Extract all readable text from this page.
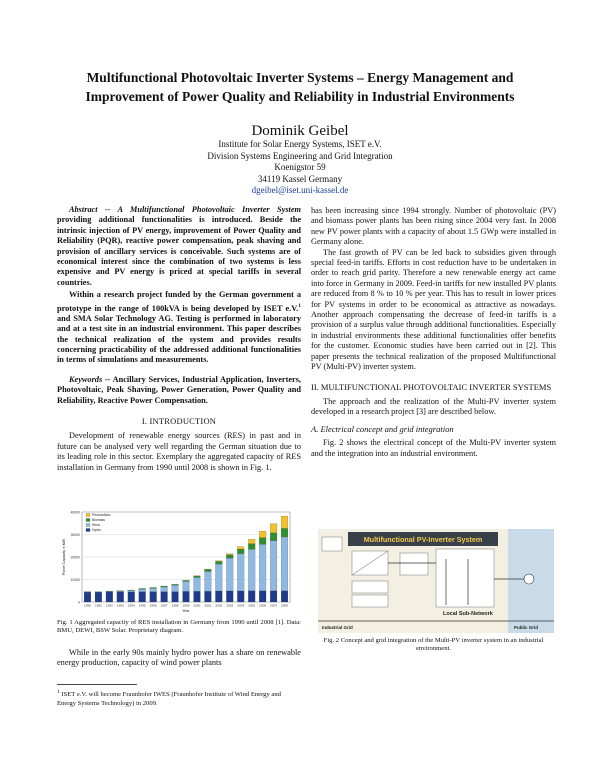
Multifunctional Photovoltaic Inverter Systems – Energy Management and
Improvement of Power Quality and Reliability in Industrial Environments
Dominik Geibel
Institute for Solar Energy Systems, ISET e.V.
Division Systems Engineering and Grid Integration
Koenigstor 59
34119 Kassel Germany
dgeibel@iset.uni-kassel.de

Abstract -- A Multifunctional Photovoltaic Inverter System providing additional functionalities is introduced. Beside the intrinsic injection of PV energy, improvement of Power Quality and Reliability (PQR), reactive power compensation, peak shaving and provision of ancillary services is conceivable. Such systems are of economical interest since the combination of two systems is less expensive and PV energy is priced at special tariffs in several countries.

Within a research project funded by the German government a prototype in the range of 100kVA is being developed by ISET e.V.$^1$ and SMA Solar Technology AG. Testing is performed in laboratory and at a test site in an industrial environment. This paper describes the technical realization of the system and provides results concerning practicability of the addressed additional functionalities in terms of simulations and measurements.

Keywords -- Ancillary Services, Industrial Application, Inverters, Photovoltaic, Peak Shaving, Power Generation, Power Quality and Reliability, Reactive Power Compensation.

I. INTRODUCTION

Development of renewable energy sources (RES) in past and in future can be analysed very well regarding the German situation due to its leading role in this sector. Exemplary the aggregated capacity of RES installation in Germany from 1990 until 2008 is shown in Fig. 1.

0
10000
20000
30000
40000
1990 1991 1992 1993 1994 1995 1996 1997 1998 1999 2000 2001 2002 2003 2004 2005 2006 2007 2008
Year
Power Capacity in MW
Photovoltaic
Biomass
Wind
Hydro
Fig. 1 Aggregated capacity of RES installation in Germany from 1990 until 2008 [1]. Data: BMU, DEWI, BSW Solar. Proprietary diagram.

While in the early 90s mainly hydro power has a share on renewable energy production, capacity of wind power plants

$^1$ ISET e.V. will become Fraunhofer IWES (Fraunhofer Institute of Wind Energy and Energy Systems Technology) in 2009.

has been increasing since 1994 strongly. Number of photovoltaic (PV) and biomass power plants has been rising since 2004 very fast. In 2008 new PV power plants with a capacity of about 1.5 GWp were installed in Germany alone.

The fast growth of PV can be led back to subsidies given through special feed-in tariffs. Efforts in cost reduction have to be undertaken in order to reach grid parity. Therefore a new renewable energy act came into force in Germany in 2009. Feed-in tariffs for new installed PV plants are reduced from 8 % to 10 % per year. This has to result in lower prices for PV systems in order to be economical as attractive as nowadays. Another approach compensating the decrease of feed-in tariffs is a provision of a surplus value through additional functionalities. Especially in industrial environments these additional functionalities offer benefits for the customer. Economic studies have been carried out in [2]. This paper presents the technical realization of the proposed Multifunctional PV (Multi-PV) inverter system.

II. MULTIFUNCTIONAL PHOTOVOLTAIC INVERTER SYSTEMS

The approach and the realization of the Multi-PV inverter system developed in a research project [3] are described below.

A. Electrical concept and grid integration

Fig. 2 shows the electrical concept of the Multi-PV inverter system and the integration into an industrial environment.

Multifunctional PV-Inverter System
Local Sub-Network
Industrial Grid	Public Grid
Fig. 2 Concept and grid integration of the Multi-PV inverter system in an industrial environment.
